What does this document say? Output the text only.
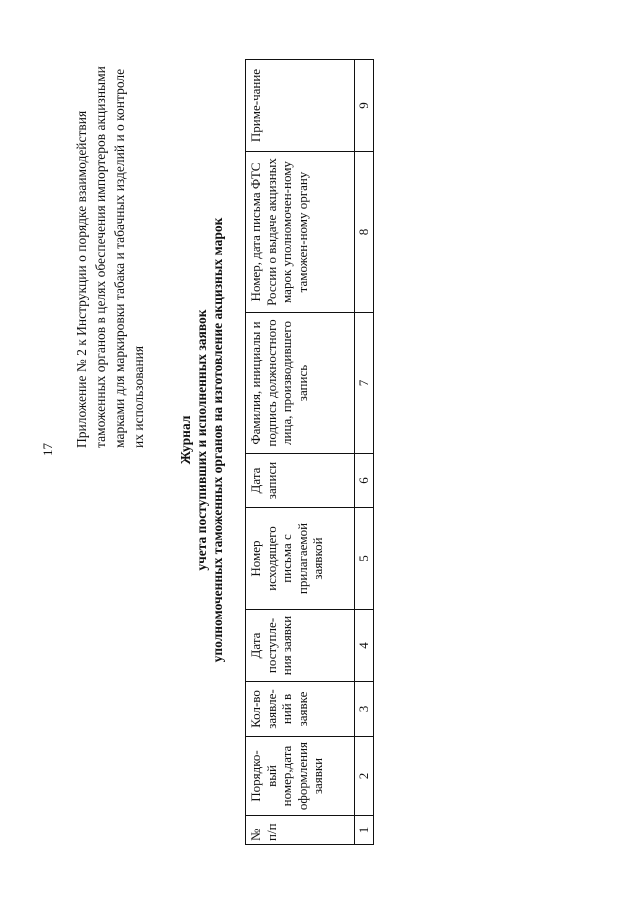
17
Приложение № 2 к Инструкции о порядке взаимодействия таможенных органов в целях обеспечения импортеров акцизными марками для маркировки табака и табачных изделий и о контроле их использования Журнал учета поступивших и исполненных заявок уполномоченных таможенных органов на изготовление акцизных марок
№ п/п	Порядко-вый номер,дата оформления заявки	Кол-во заявле-ний в заявке	Дата поступле-ния заявки	Номер исходящего письма с прилагаемой заявкой	Дата записи	Фамилия, инициалы и подпись должностного лица, производившего запись	Номер, дата письма ФТС России о выдаче акцизных марок уполномочен-ному таможен-ному органу	Приме-чание
1	2	3	4	5	6	7	8	9
